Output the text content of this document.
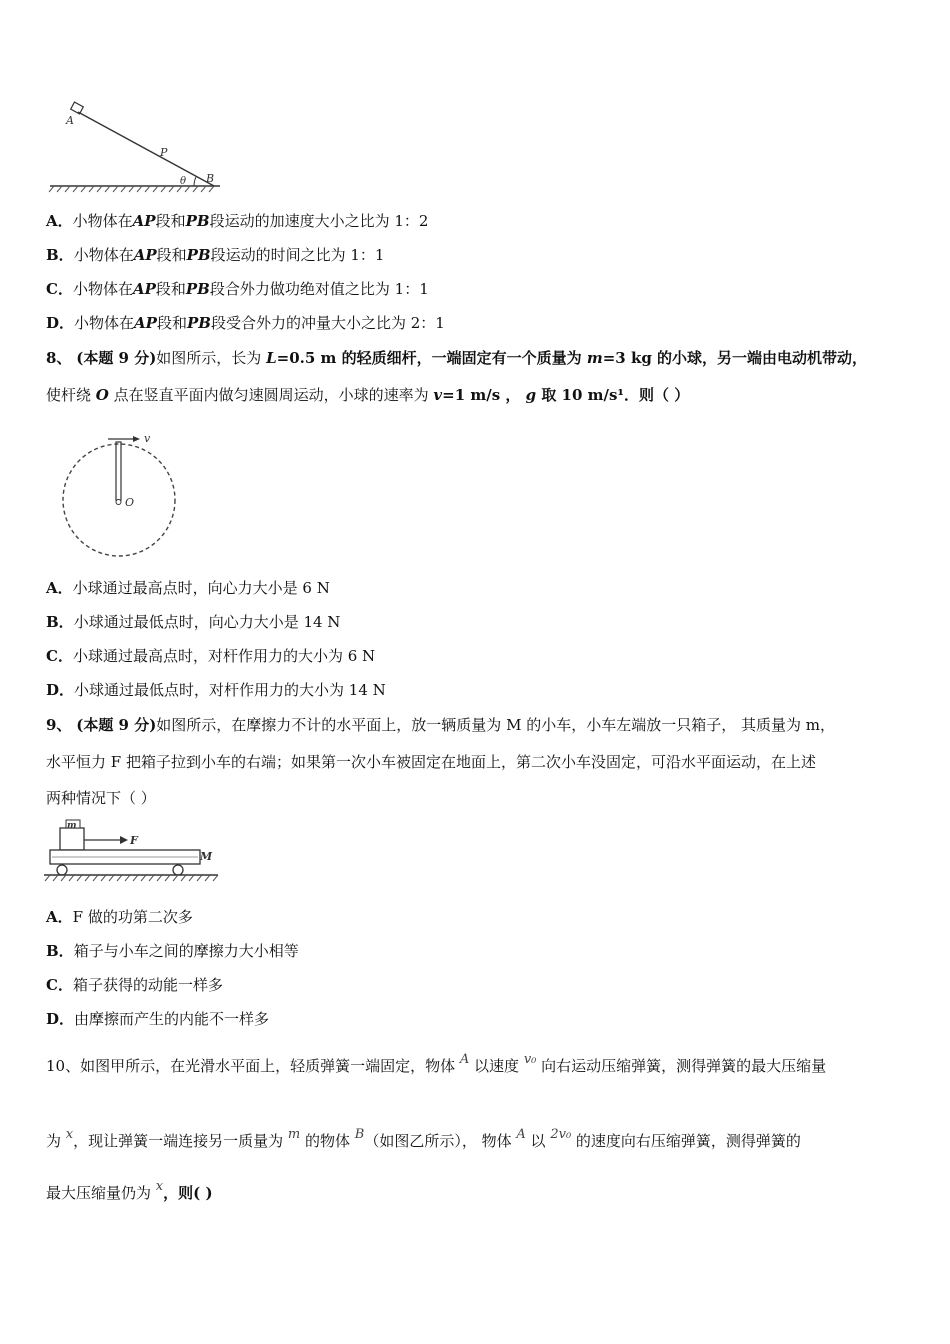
A
P
θ B
A．小物体在AP段和PB段运动的加速度大小之比为 1：2
B．小物体在AP段和PB段运动的时间之比为 1：1
C．小物体在AP段和PB段合外力做功绝对值之比为 1：1
D．小物体在AP段和PB段受合外力的冲量大小之比为 2：1
8、 (本题 9 分)如图所示，长为 L=0.5 m 的轻质细杆，一端固定有一个质量为 m=3 kg 的小球，另一端由电动机带动，
使杆绕 O 点在竖直平面内做匀速圆周运动，小球的速率为 v=1 m/s ， g 取 10 m/s¹．则（ ）
v
O
A．小球通过最高点时，向心力大小是 6 N
B．小球通过最低点时，向心力大小是 14 N
C．小球通过最高点时，对杆作用力的大小为 6 N
D．小球通过最低点时，对杆作用力的大小为 14 N
9、 (本题 9 分)如图所示，在摩擦力不计的水平面上，放一辆质量为 M 的小车，小车左端放一只箱子， 其质量为 m，
水平恒力 F 把箱子拉到小车的右端；如果第一次小车被固定在地面上，第二次小车没固定，可沿水平面运动，在上述
两种情况下（ ）
m
F
M
A．F 做的功第二次多
B．箱子与小车之间的摩擦力大小相等
C．箱子获得的动能一样多
D．由摩擦而产生的内能不一样多
10、如图甲所示，在光滑水平面上，轻质弹簧一端固定，物体 A 以速度 v₀ 向右运动压缩弹簧，测得弹簧的最大压缩量
为 x，现让弹簧一端连接另一质量为 m 的物体 B（如图乙所示）， 物体 A 以 2v₀ 的速度向右压缩弹簧，测得弹簧的
最大压缩量仍为 x，则( )
